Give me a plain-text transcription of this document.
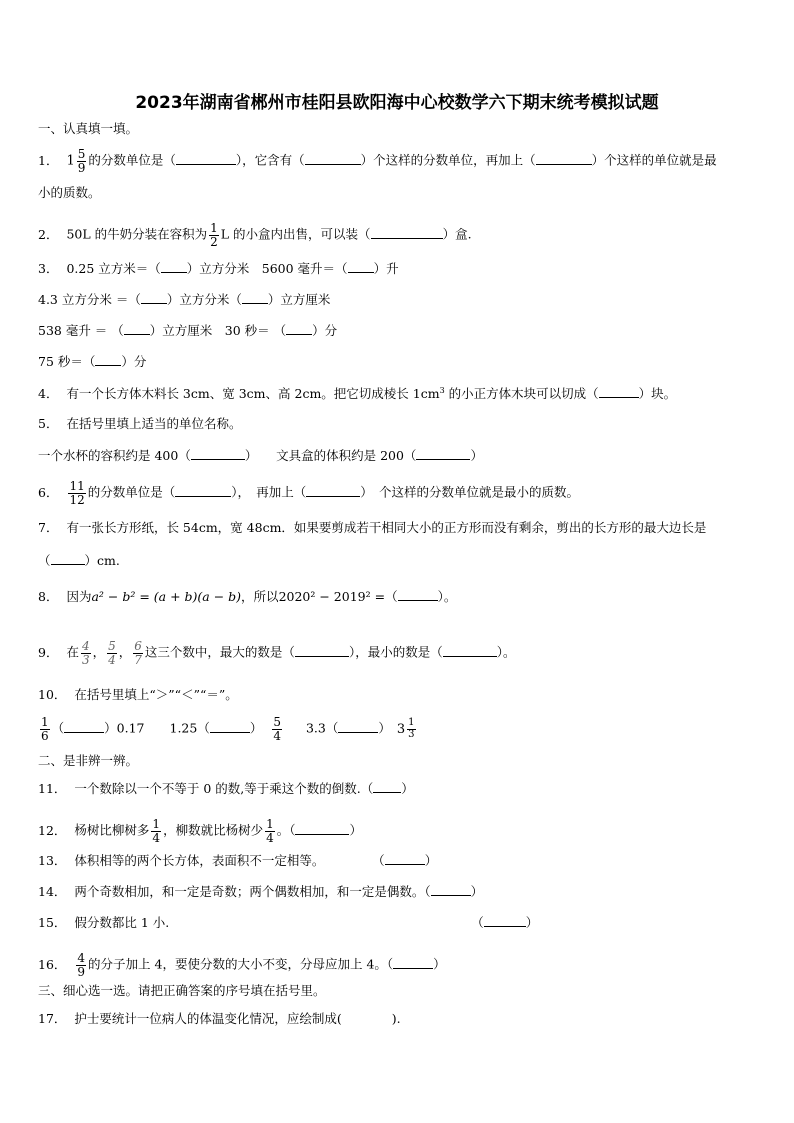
2023年湖南省郴州市桂阳县欧阳海中心校数学六下期末统考模拟试题
一、认真填一填。
1． $1 \frac{5}{9}$ 的分数单位是（	），它含有（	）个这样的分数单位，再加上（	）个这样的单位就是最
小的质数。
2． 50L 的牛奶分装在容积为 $\frac{1}{2}$ L 的小盒内出售，可以装（	）盒.
3． 0.25 立方米＝（ ）立方分米　5600 毫升＝（ ）升
4.3 立方分米 ＝（ ）立方分米（ ）立方厘米
538 毫升 ＝ （ ）立方厘米　30 秒＝ （ ）分
75 秒＝（ ）分
4． 有一个长方体木料长 3cm、宽 3cm、高 2cm。把它切成棱长 $1cm^3$ 的小正方体木块可以切成（	）块。
5． 在括号里填上适当的单位名称。
一个水杯的容积约是 400（	）　　文具盒的体积约是 200（	）
6． $\frac{11}{12}$ 的分数单位是（	），　再加上（	）　个这样的分数单位就是最小的质数。
7． 有一张长方形纸，长 54cm，宽 48cm．如果要剪成若干相同大小的正方形而没有剩余，剪出的长方形的最大边长是
（	）cm.
8． 因为a² − b² = (a + b)(a − b)，所以2020² − 2019² =（	）。
9． 在 $\frac{4}{3}$ ， $\frac{5}{4}$ ， $\frac{6}{7}$ 这三个数中，最大的数是（	），最小的数是（	）。
10． 在括号里填上“＞”“＜”“＝”。
$\frac{1}{6}$ （	）0.17　　1.25（	） $\frac{5}{4} 3.3$（	） $3 \frac{1}{3}$
二、是非辨一辨。
11． 一个数除以一个不等于 0 的数,等于乘这个数的倒数.（ ）
12． 杨树比柳树多 $\frac{1}{4}$ ，柳数就比杨树少 $\frac{1}{4}$ 。（	）
13． 体积相等的两个长方体，表面积不一定相等。	（	）
14． 两个奇数相加，和一定是奇数；两个偶数相加，和一定是偶数。（	）
15． 假分数都比 1 小.	（	）
16． $\frac{4}{9}$ 的分子加上 4，要使分数的大小不变，分母应加上 4。（	）
三、细心选一选。请把正确答案的序号填在括号里。
17． 护士要统计一位病人的体温变化情况，应绘制成(	).
